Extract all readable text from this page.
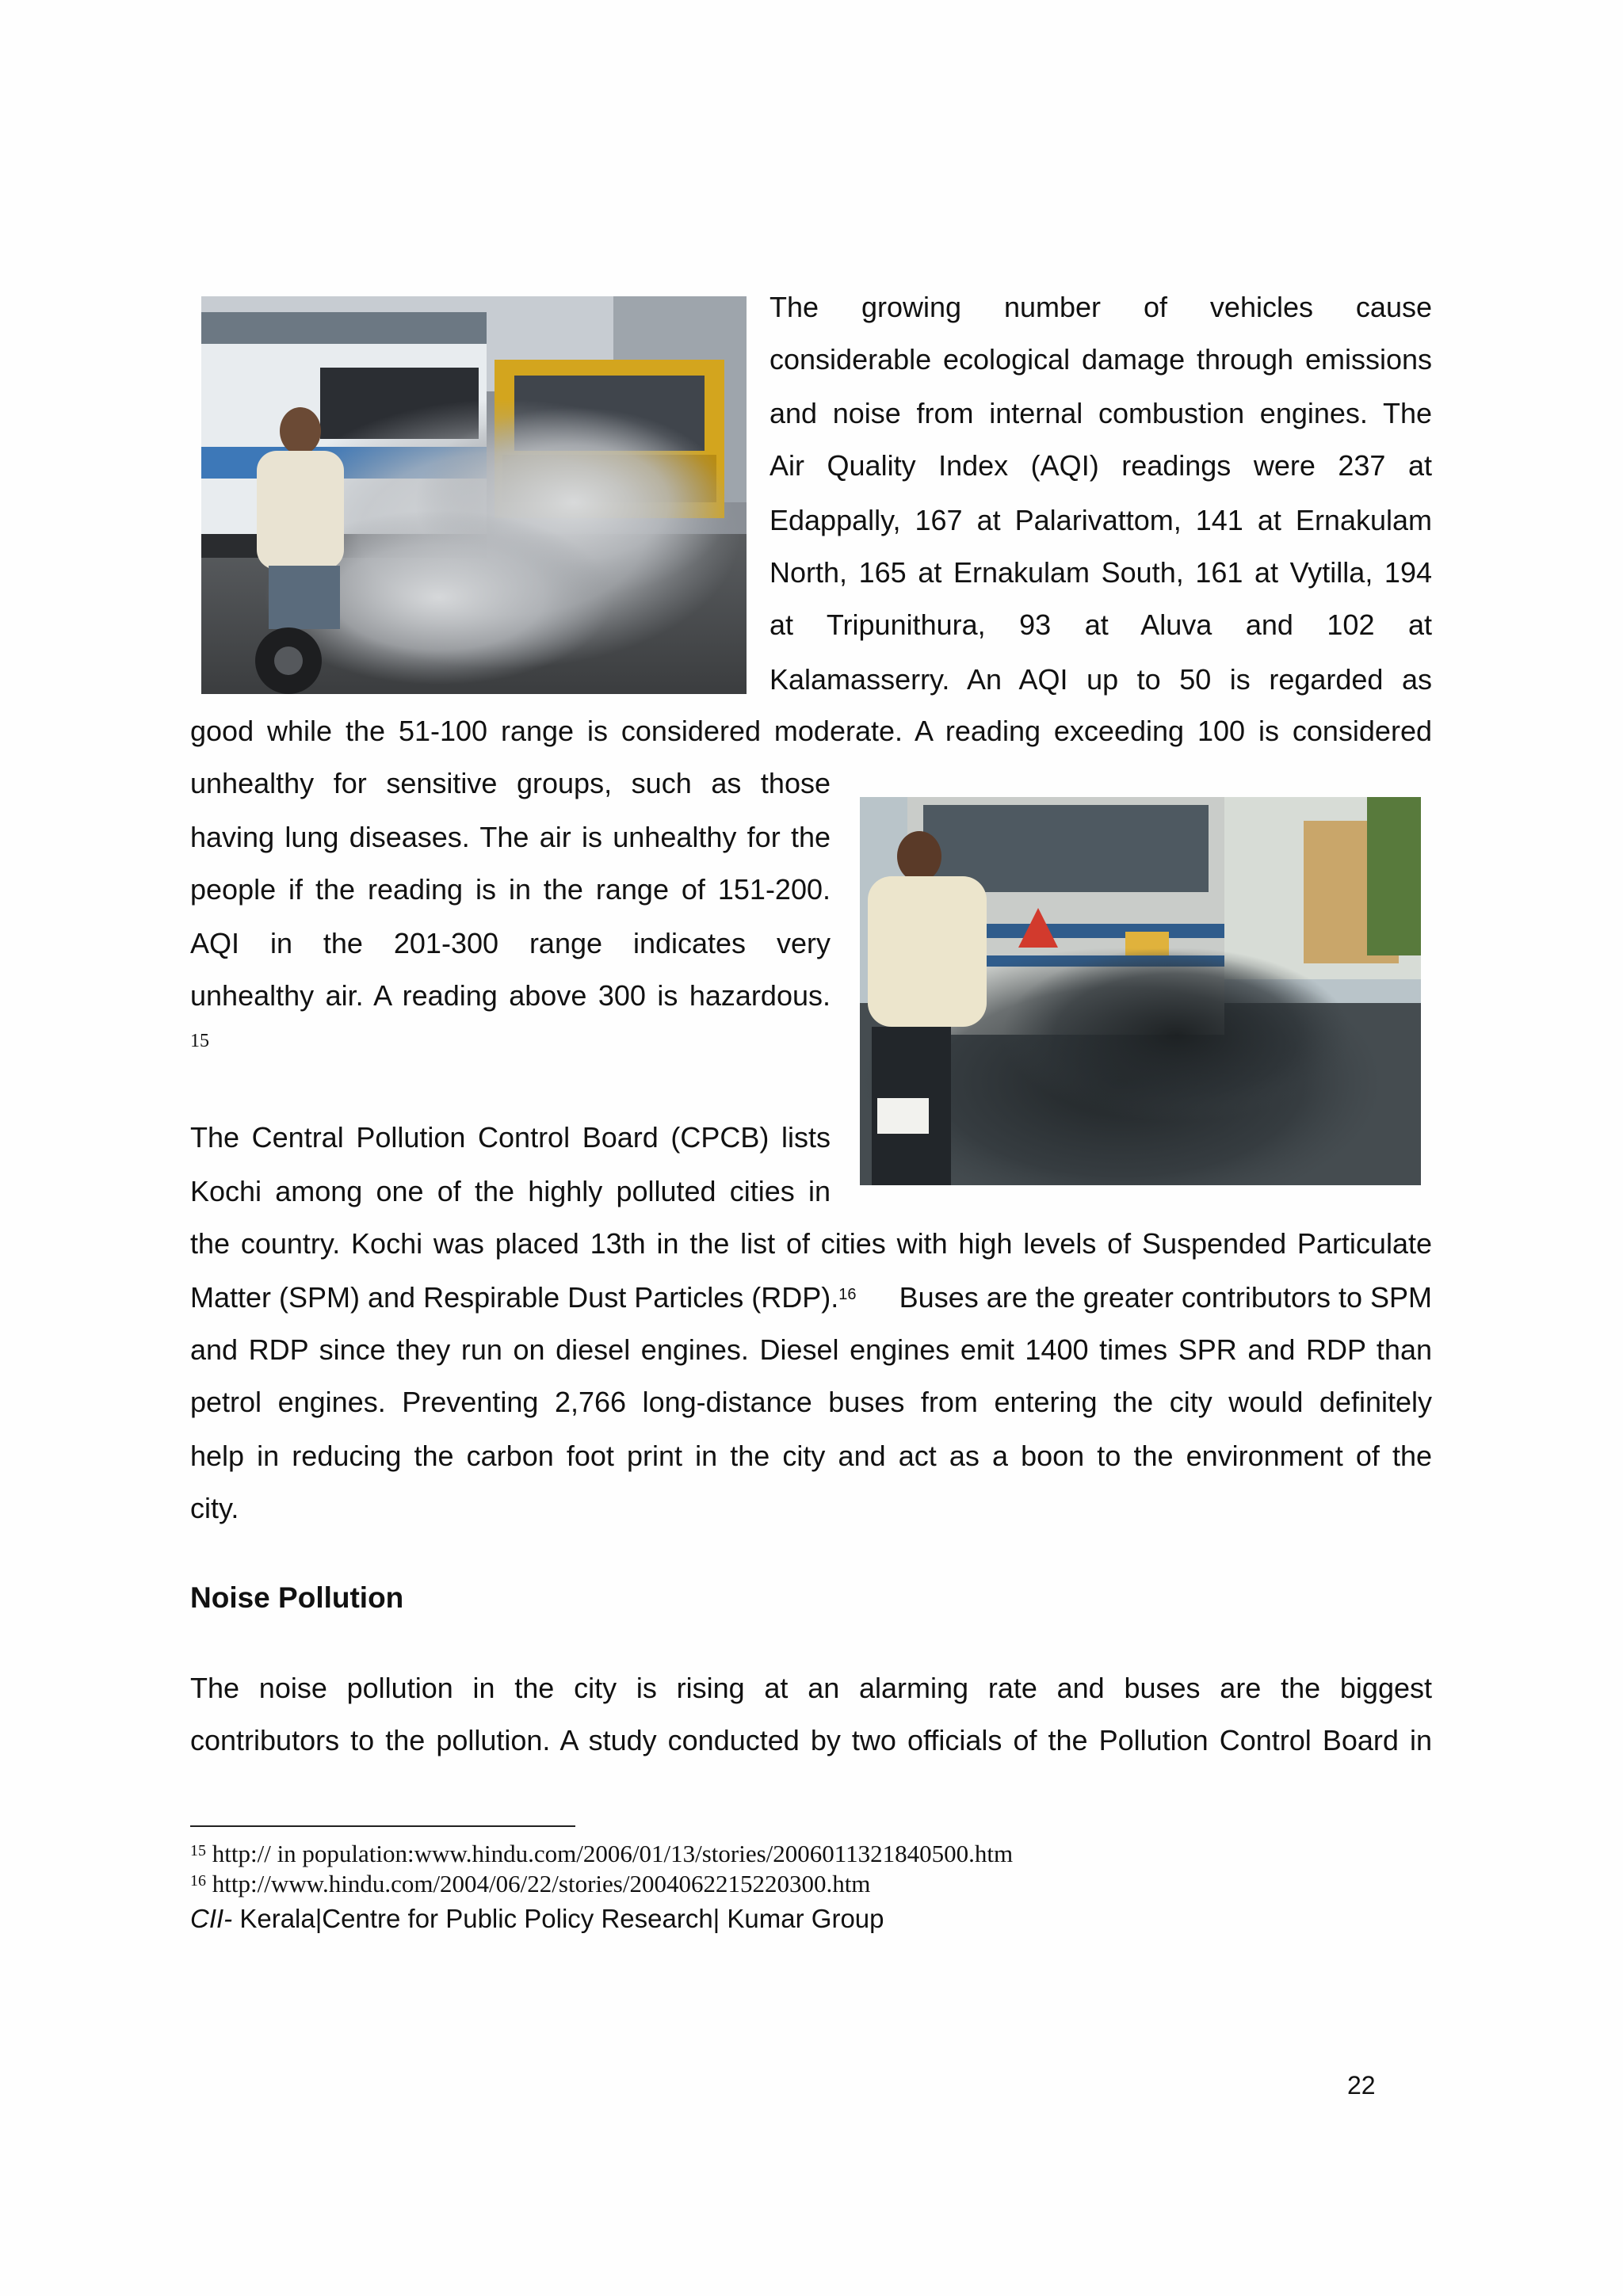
The growing number of vehicles cause
considerable ecological damage through emissions
and noise from internal combustion engines. The
Air Quality Index (AQI) readings were 237 at
Edappally, 167 at Palarivattom, 141 at Ernakulam
North, 165 at Ernakulam South, 161 at Vytilla, 194
at Tripunithura, 93 at Aluva and 102 at
Kalamasserry. An AQI up to 50 is regarded as
good while the 51-100 range is considered moderate. A reading exceeding 100 is considered
unhealthy for sensitive groups, such as those
having lung diseases. The air is unhealthy for the
people if the reading is in the range of 151-200.
AQI in the 201-300 range indicates very
unhealthy air. A reading above 300 is hazardous.
15
The Central Pollution Control Board (CPCB) lists
Kochi among one of the highly polluted cities in
the country. Kochi was placed 13th in the list of cities with high levels of Suspended Particulate
Matter (SPM) and Respirable Dust Particles (RDP).$^{16}$ Buses are the greater contributors to SPM
and RDP since they run on diesel engines. Diesel engines emit 1400 times SPR and RDP than
petrol engines. Preventing 2,766 long-distance buses from entering the city would definitely
help in reducing the carbon foot print in the city and act as a boon to the environment of the
city.
Noise Pollution
The noise pollution in the city is rising at an alarming rate and buses are the biggest
contributors to the pollution. A study conducted by two officials of the Pollution Control Board in
$^{15}$ http:// in population:www.hindu.com/2006/01/13/stories/2006011321840500.htm
$^{16}$ http://www.hindu.com/2004/06/22/stories/2004062215220300.htm
CII- Kerala|Centre for Public Policy Research| Kumar Group
22
